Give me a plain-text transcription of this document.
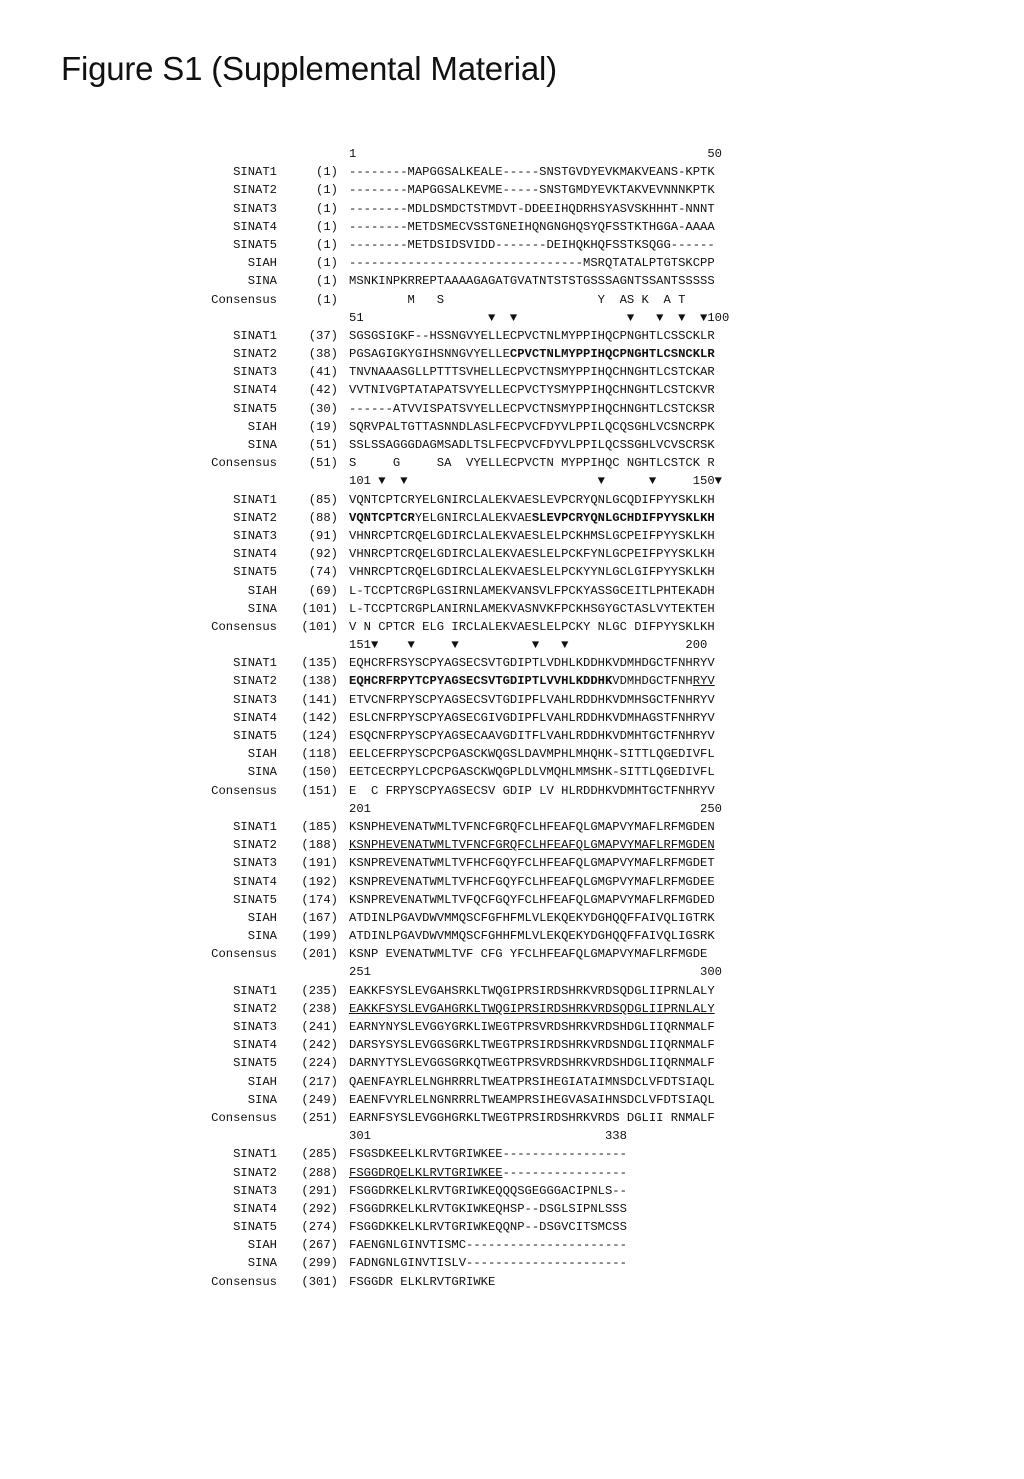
Figure S1 (Supplemental Material)
1                                                50
SINAT1	(1) --------MAPGGSALKEALE-----SNSTGVDYEVKMAKVEANS-KPTK
SINAT2	(1) --------MAPGGSALKEVME-----SNSTGMDYEVKTAKVEVNNNKPTK
SINAT3	(1) --------MDLDSMDCTSTMDVT-DDEEIHQDRHSYASVSKHHHT-NNNT
SINAT4	(1) --------METDSMECVSSTGNEIHQNGNGHQSYQFSSTKTHGGA-AAAA
SINAT5	(1) --------METDSIDSVIDD-------DEIHQKHQFSSTKSQGG------
SIAH	(1) --------------------------------MSRQTATALPTGTSKCPP
SINA	(1) MSNKINPKRREPTAAAAGAGATGVATNTSTSTGSSSAGNTSSANTSSSSS
Consensus	(1) M   S                     Y  AS K  A T
51                 ▼  ▼               ▼   ▼  ▼  ▼100
SINAT1	(37) SGSGSIGKF--HSSNGVYELLECPVCTNLMYPPIHQCPNGHTLCSSCKLR
SINAT2	(38) PGSAGIGKYGIHSNNGVYELLECPVCTNLMYPPIHQCPNGHTLCSNCKLR
SINAT3	(41) TNVNAAASGLLPTTTSVHELLECPVCTNSMYPPIHQCHNGHTLCSTCKAR
SINAT4	(42) VVTNIVGPTATAPATSVYELLECPVCTYSMYPPIHQCHNGHTLCSTCKVR
SINAT5	(30) ------ATVVISPATSVYELLECPVCTNSMYPPIHQCHNGHTLCSTCKSR
SIAH	(19) SQRVPALTGTTASNNDLASLFECPVCFDYVLPPILQCQSGHLVCSNCRPK
SINA	(51) SSLSSAGGGDAGMSADLTSLFECPVCFDYVLPPILQCSSGHLVCVSCRSK
Consensus	(51) S     G     SA  VYELLECPVCTN MYPPIHQC NGHTLCSTCK R
101 ▼  ▼                          ▼      ▼     150▼
SINAT1	(85) VQNTCPTCRYELGNIRCLALEKVAESLEVPCRYQNLGCQDIFPYYSKLKH
SINAT2	(88) VQNTCPTCRYELGNIRCLALEKVAESLEVPCRYQNLGCHDIFPYYSKLKH
SINAT3	(91) VHNRCPTCRQELGDIRCLALEKVAESLELPCKHMSLGCPEIFPYYSKLKH
SINAT4	(92) VHNRCPTCRQELGDIRCLALEKVAESLELPCKFYNLGCPEIFPYYSKLKH
SINAT5	(74) VHNRCPTCRQELGDIRCLALEKVAESLELPCKYYNLGCLGIFPYYSKLKH
SIAH	(69) L-TCCPTCRGPLGSIRNLAMEKVANSVLFPCKYASSGCEITLPHTEKADH
SINA (101) L-TCCPTCRGPLANIRNLAMEKVASNVKFPCKHSGYGCTASLVYTEKTEH
Consensus (101) V N CPTCR ELG IRCLALEKVAESLELPCKY NLGC DIFPYYSKLKH
151▼    ▼     ▼          ▼   ▼                200
SINAT1 (135) EQHCRFRSYSCPYAGSECSVTGDIPTLVDHLKDDHKVDMHDGCTFNHRYV
SINAT2 (138) EQHCRFRPYTCPYAGSECSVTGDIPTLVVHLKDDHKVDMHDGCTFNHRYV
SINAT3 (141) ETVCNFRPYSCPYAGSECSVTGDIPFLVAHLRDDHKVDMHSGCTFNHRYV
SINAT4 (142) ESLCNFRPYSCPYAGSECGIVGDIPFLVAHLRDDHKVDMHAGSTFNHRYV
SINAT5 (124) ESQCNFRPYSCPYAGSECAAVGDITFLVAHLRDDHKVDMHTGCTFNHRYV
SIAH (118) EELCEFRPYSCPCPGASCKWQGSLDAVMPHLMHQHK-SITTLQGEDIVFL
SINA (150) EETCECRPYLCPCPGASCKWQGPLDLVMQHLMMSHK-SITTLQGEDIVFL
Consensus (151) E  C FRPYSCPYAGSECSV GDIP LV HLRDDHKVDMHTGCTFNHRYV
201                                             250
SINAT1 (185) KSNPHEVENATWMLTVFNCFGRQFCLHFEAFQLGMAPVYMAFLRFMGDEN
SINAT2 (188) KSNPHEVENATWMLTVFNCFGRQFCLHFEAFQLGMAPVYMAFLRFMGDEN
SINAT3 (191) KSNPREVENATWMLTVFHCFGQYFCLHFEAFQLGMAPVYMAFLRFMGDET
SINAT4 (192) KSNPREVENATWMLTVFHCFGQYFCLHFEAFQLGMGPVYMAFLRFMGDEE
SINAT5 (174) KSNPREVENATWMLTVFQCFGQYFCLHFEAFQLGMAPVYMAFLRFMGDED
SIAH (167) ATDINLPGAVDWVMMQSCFGFHFMLVLEKQEKYDGHQQFFAIVQLIGTRK
SINA (199) ATDINLPGAVDWVMMQSCFGHHFMLVLEKQEKYDGHQQFFAIVQLIGSRK
Consensus (201) KSNP EVENATWMLTVF CFG YFCLHFEAFQLGMAPVYMAFLRFMGDE
251                                             300
SINAT1 (235) EAKKFSYSLEVGAHSRKLTWQGIPRSIRDSHRKVRDSQDGLIIPRNLALY
SINAT2 (238) EAKKFSYSLEVGAHGRKLTWQGIPRSIRDSHRKVRDSQDGLIIPRNLALY
SINAT3 (241) EARNYNYSLEVGGYGRKLIWEGTPRSVRDSHRKVRDSHDGLIIQRNMALF
SINAT4 (242) DARSYSYSLEVGGSGRKLTWEGTPRSIRDSHRKVRDSNDGLIIQRNMALF
SINAT5 (224) DARNYTYSLEVGGSGRKQTWEGTPRSVRDSHRKVRDSHDGLIIQRNMALF
SIAH (217) QAENFAYRLELNGHRRRLTWEATPRSIHEGIATAIMNSDCLVFDTSIAQL
SINA (249) EAENFVYRLELNGNRRRLTWEAMPRSIHEGVASAIHNSDCLVFDTSIAQL
Consensus (251) EARNFSYSLEVGGHGRKLTWEGTPRSIRDSHRKVRDS DGLII RNMALF
301                                338
SINAT1 (285) FSGSDKEELKLRVTGRIWKEE-----------------
SINAT2 (288) FSGGDRQELKLRVTGRIWKEE-----------------
SINAT3 (291) FSGGDRKELKLRVTGRIWKEQQQSGEGGGACIPNLS--
SINAT4 (292) FSGGDRKELKLRVTGKIWKEQHSP--DSGLSIPNLSSS
SINAT5 (274) FSGGDKKELKLRVTGRIWKEQQNP--DSGVCITSMCSS
SIAH (267) FAENGNLGINVTISMC----------------------
SINA (299) FADNGNLGINVTISLV----------------------
Consensus (301) FSGGDR ELKLRVTGRIWKE
